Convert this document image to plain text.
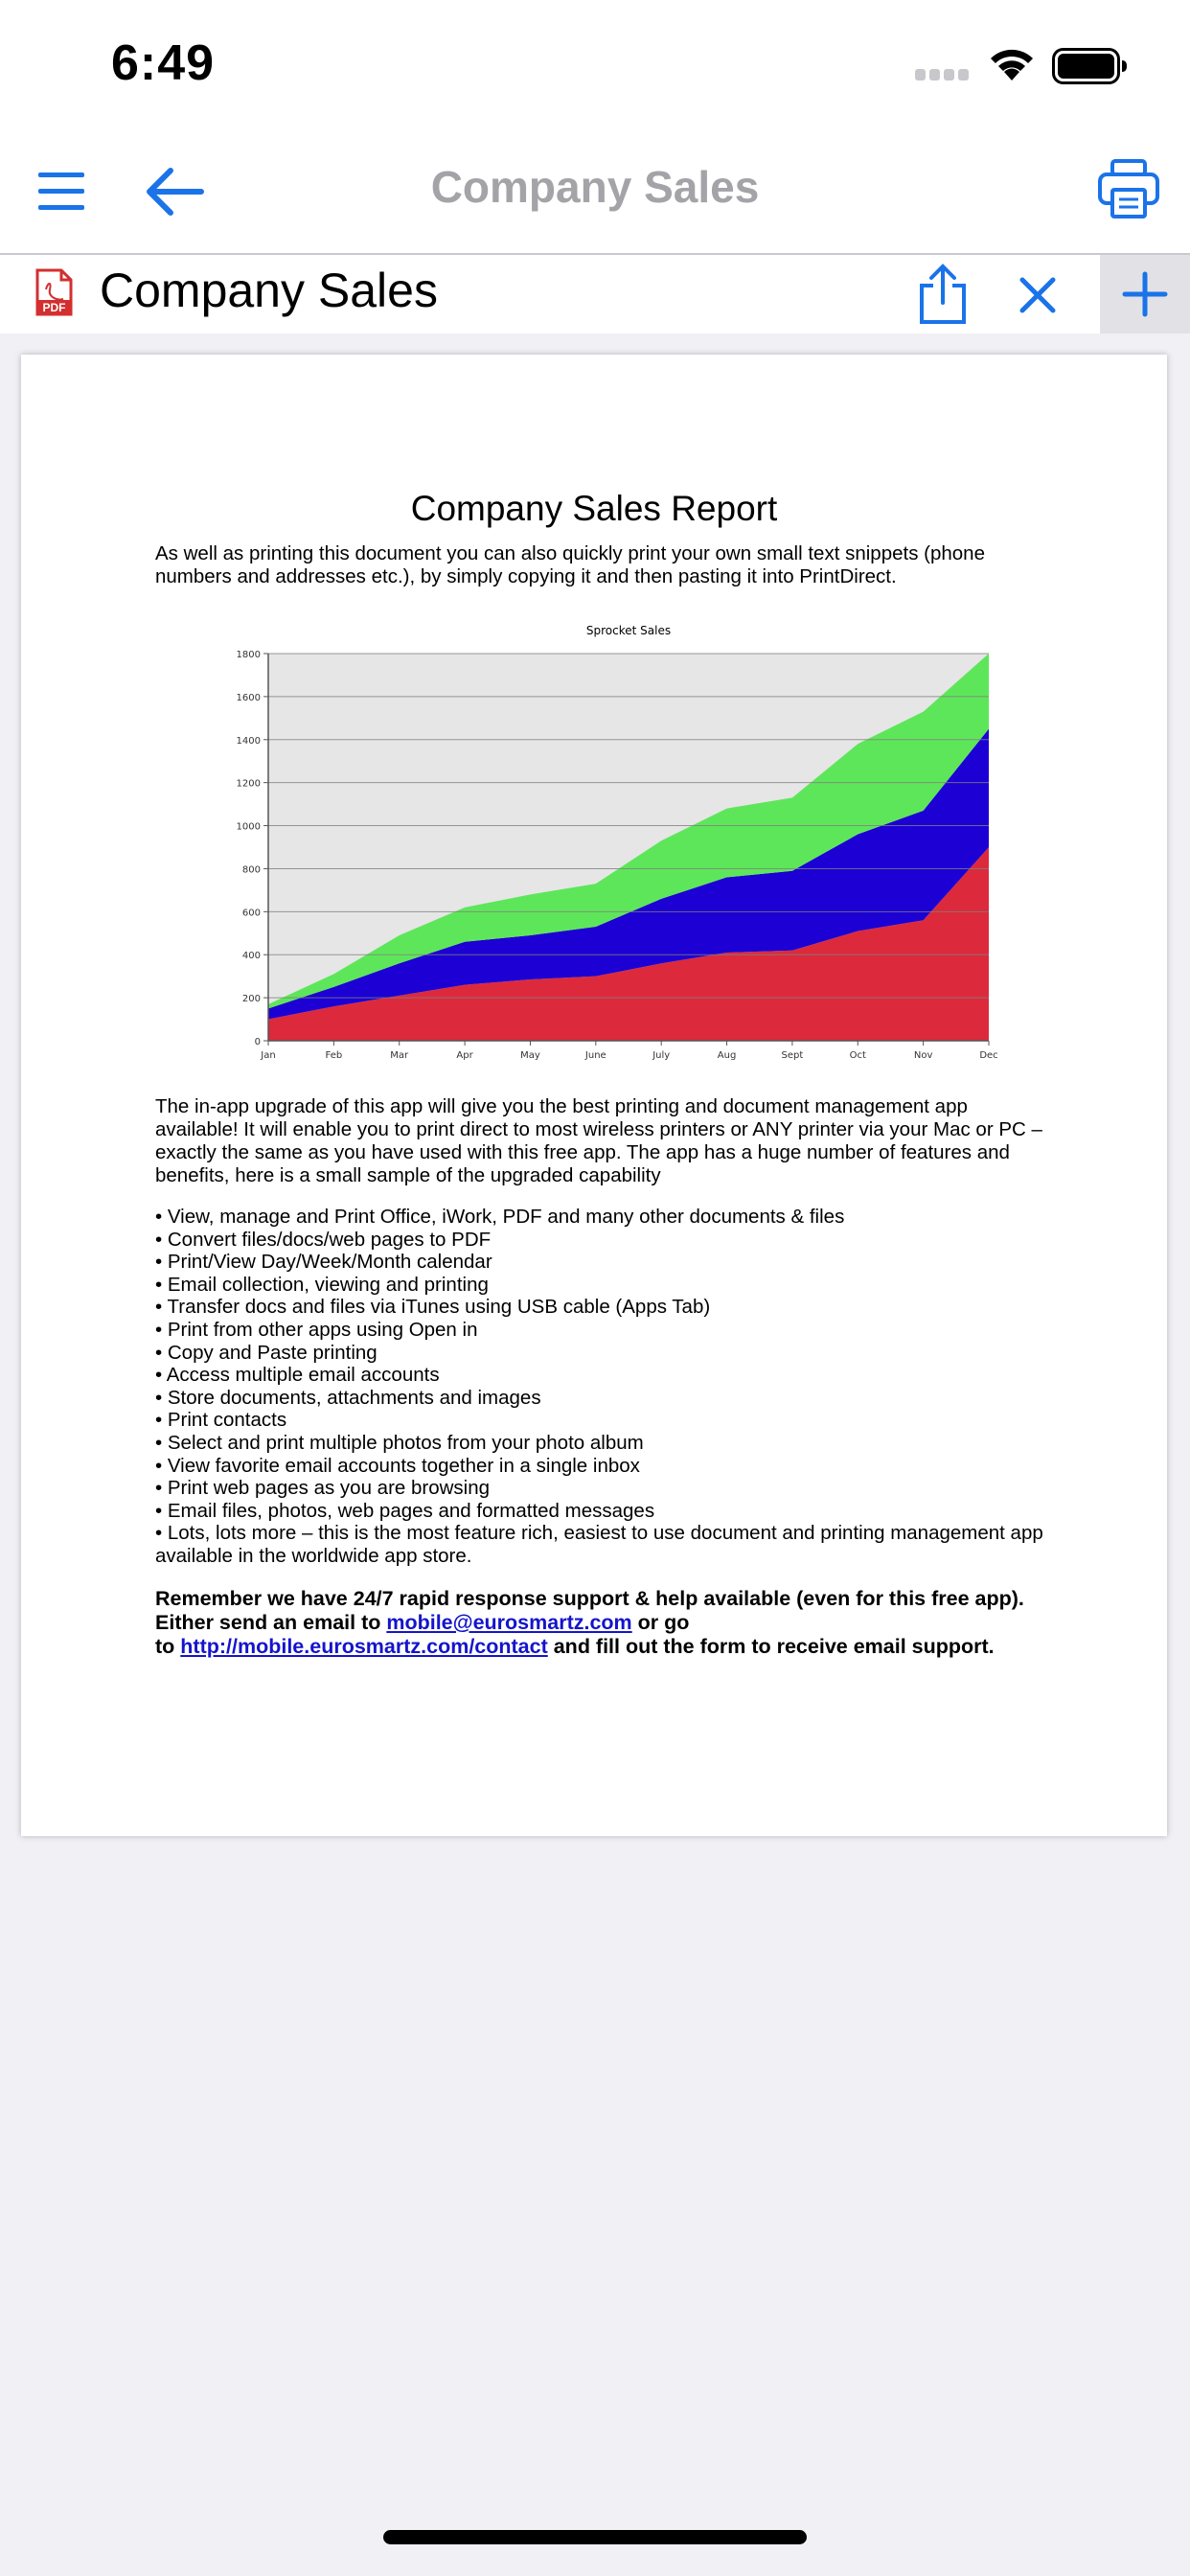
6:49
Company Sales
PDF Company Sales
Company Sales Report
As well as printing this document you can also quickly print your own small text snippets (phone numbers and addresses etc.), by simply copying it and then pasting it into PrintDirect.
Sprocket Sales
0
200
400
600
800
1000
1200
1400
1600
1800
Jan	Feb	Mar	Apr	May	June	July	Aug	Sept	Oct	Nov	Dec
The in-app upgrade of this app will give you the best printing and document management app available! It will enable you to print direct to most wireless printers or ANY printer via your Mac or PC – exactly the same as you have used with this free app. The app has a huge number of features and benefits, here is a small sample of the upgraded capability
• View, manage and Print Office, iWork, PDF and many other documents & files
• Convert files/docs/web pages to PDF
• Print/View Day/Week/Month calendar
• Email collection, viewing and printing
• Transfer docs and files via iTunes using USB cable (Apps Tab)
• Print from other apps using Open in
• Copy and Paste printing
• Access multiple email accounts
• Store documents, attachments and images
• Print contacts
• Select and print multiple photos from your photo album
• View favorite email accounts together in a single inbox
• Print web pages as you are browsing
• Email files, photos, web pages and formatted messages
• Lots, lots more – this is the most feature rich, easiest to use document and printing management app available in the worldwide app store.
Remember we have 24/7 rapid response support & help available (even for this free app).
Either send an email to mobile@eurosmartz.com or go
to http://mobile.eurosmartz.com/contact and fill out the form to receive email support.
